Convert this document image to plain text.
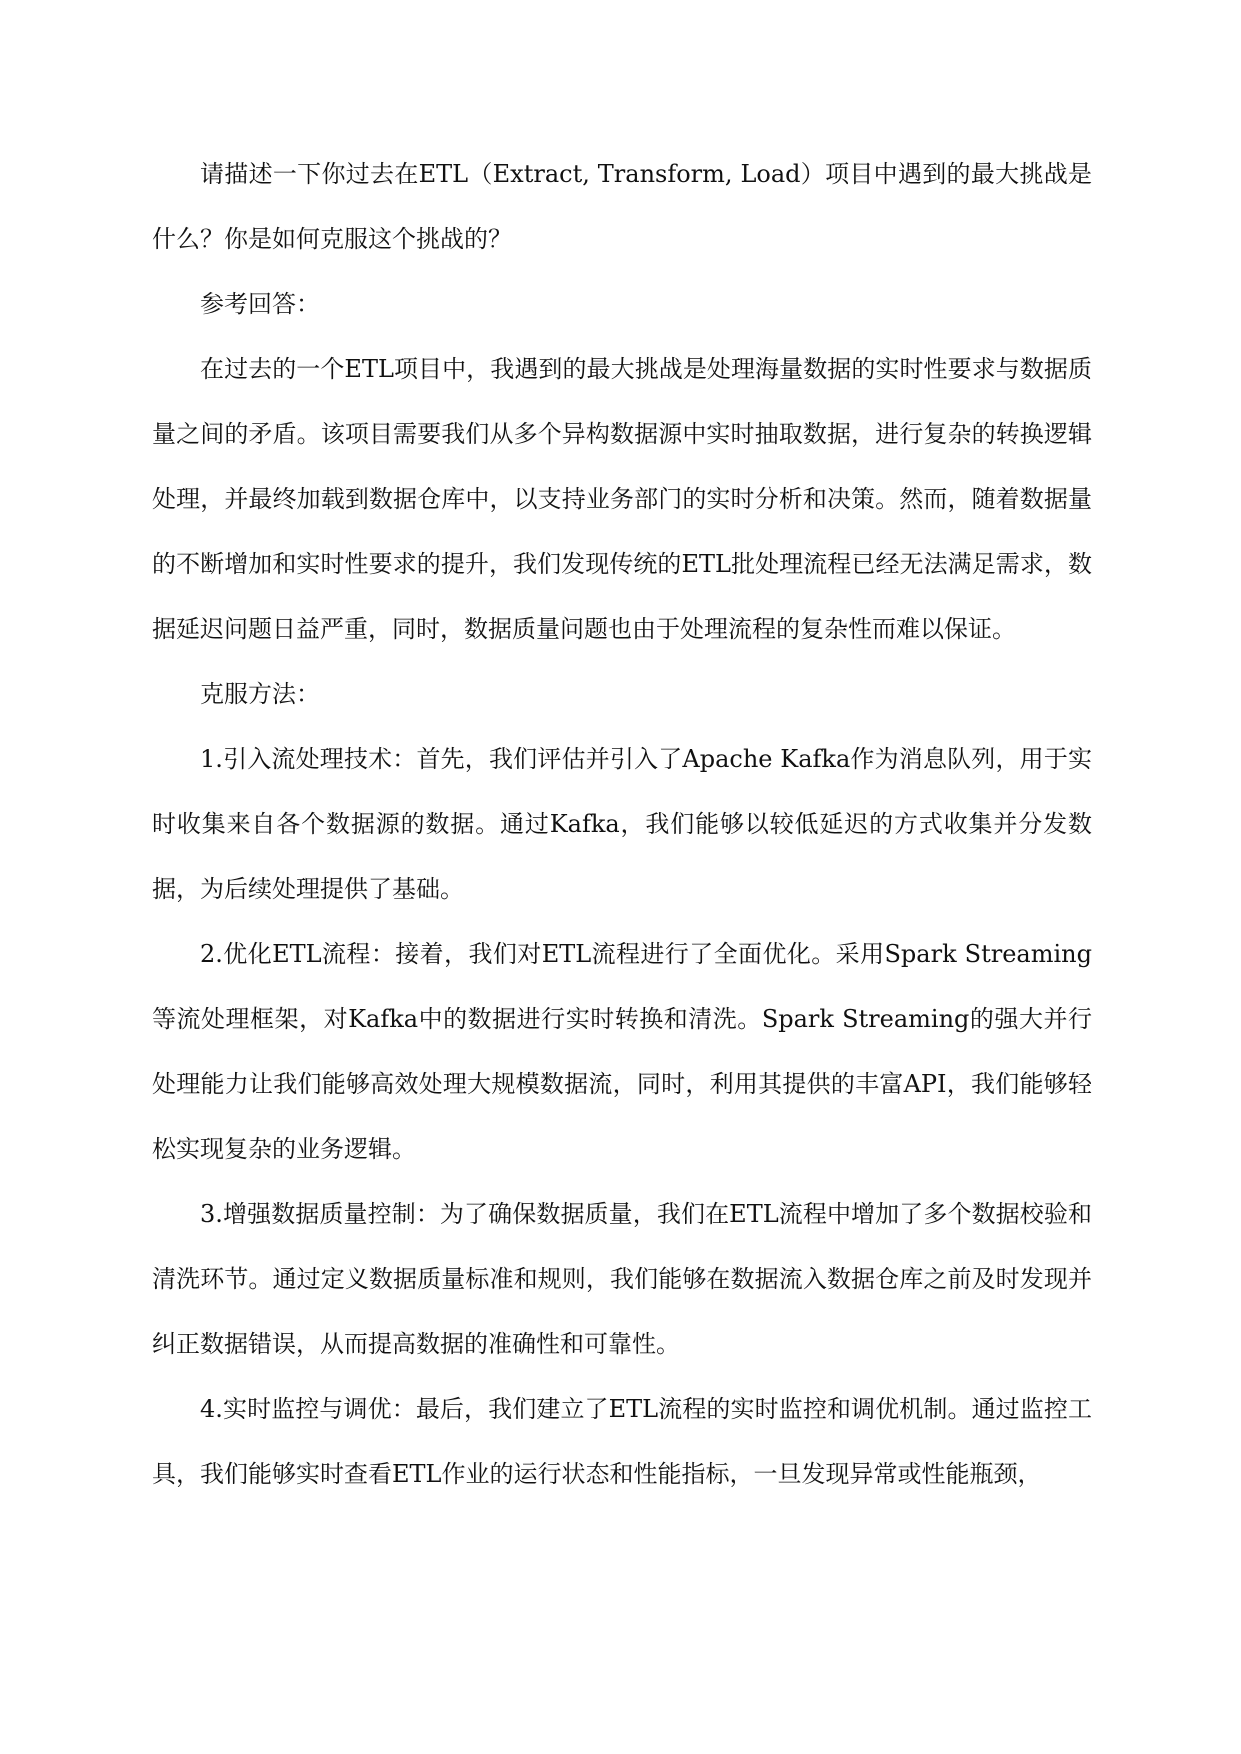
请描述一下你过去在ETL（Extract, Transform, Load）项目中遇到的最大挑战是什么？你是如何克服这个挑战的？

参考回答：

在过去的一个ETL项目中，我遇到的最大挑战是处理海量数据的实时性要求与数据质量之间的矛盾。该项目需要我们从多个异构数据源中实时抽取数据，进行复杂的转换逻辑处理，并最终加载到数据仓库中，以支持业务部门的实时分析和决策。然而，随着数据量的不断增加和实时性要求的提升，我们发现传统的ETL批处理流程已经无法满足需求，数据延迟问题日益严重，同时，数据质量问题也由于处理流程的复杂性而难以保证。

克服方法：

1.引入流处理技术：首先，我们评估并引入了Apache Kafka作为消息队列，用于实时收集来自各个数据源的数据。通过Kafka，我们能够以较低延迟的方式收集并分发数据，为后续处理提供了基础。

2.优化ETL流程：接着，我们对ETL流程进行了全面优化。采用Spark Streaming等流处理框架，对Kafka中的数据进行实时转换和清洗。Spark Streaming的强大并行处理能力让我们能够高效处理大规模数据流，同时，利用其提供的丰富API，我们能够轻松实现复杂的业务逻辑。

3.增强数据质量控制：为了确保数据质量，我们在ETL流程中增加了多个数据校验和清洗环节。通过定义数据质量标准和规则，我们能够在数据流入数据仓库之前及时发现并纠正数据错误，从而提高数据的准确性和可靠性。

4.实时监控与调优：最后，我们建立了ETL流程的实时监控和调优机制。通过监控工具，我们能够实时查看ETL作业的运行状态和性能指标，一旦发现异常或性能瓶颈，
